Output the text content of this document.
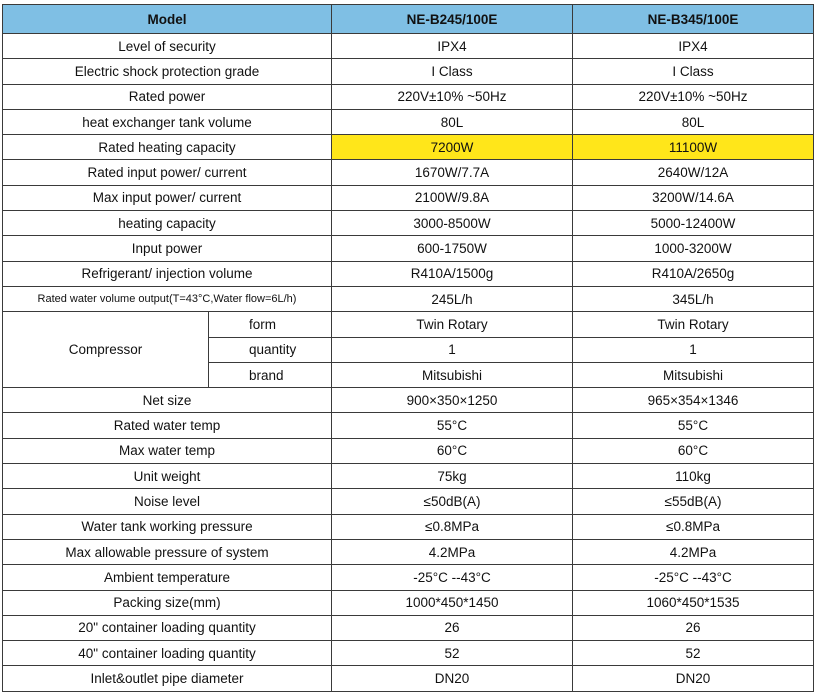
Model		NE-B245/100E	NE-B345/100E
Level of security		IPX4	IPX4
Electric shock protection grade		I Class	I Class
Rated power		220V±10% ~50Hz	220V±10% ~50Hz
heat exchanger tank volume		80L	80L
Rated heating capacity		7200W	11100W
Rated input power/ current		1670W/7.7A	2640W/12A
Max input power/ current		2100W/9.8A	3200W/14.6A
heating capacity		3000-8500W	5000-12400W
Input power		600-1750W	1000-3200W
Refrigerant/ injection volume		R410A/1500g	R410A/2650g
Rated water volume output(T=43°C,Water flow=6L/h)		245L/h	345L/h
Compressor	form	Twin Rotary	Twin Rotary
	quantity	1	1
	brand	Mitsubishi	Mitsubishi
Net size		900×350×1250	965×354×1346
Rated water temp		55°C	55°C
Max water temp		60°C	60°C
Unit weight		75kg	110kg
Noise level		≤50dB(A)	≤55dB(A)
Water tank working pressure		≤0.8MPa	≤0.8MPa
Max allowable pressure of system		4.2MPa	4.2MPa
Ambient temperature		-25°C --43°C	-25°C --43°C
Packing size(mm)		1000*450*1450	1060*450*1535
20" container loading quantity		26	26
40" container loading quantity		52	52
Inlet&outlet pipe diameter		DN20	DN20
